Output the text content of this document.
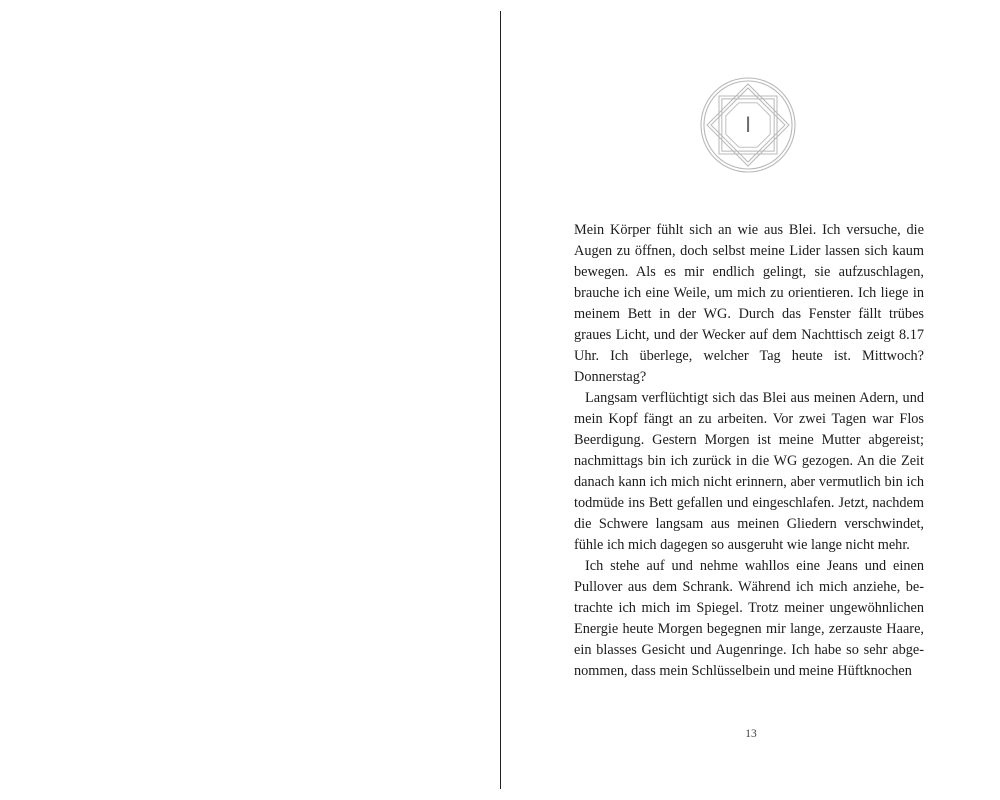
I

Mein Körper fühlt sich an wie aus Blei. Ich versuche, die Augen zu öffnen, doch selbst meine Lider lassen sich kaum bewegen. Als es mir endlich gelingt, sie aufzuschlagen, brauche ich eine Weile, um mich zu orientieren. Ich liege in meinem Bett in der WG. Durch das Fenster fällt trübes graues Licht, und der Wecker auf dem Nachttisch zeigt 8.17 Uhr. Ich überlege, welcher Tag heute ist. Mittwoch? Donnerstag?

Langsam verflüchtigt sich das Blei aus meinen Adern, und mein Kopf fängt an zu arbeiten. Vor zwei Tagen war Flos Beerdigung. Gestern Morgen ist meine Mutter abgereist; nachmittags bin ich zurück in die WG gezogen. An die Zeit danach kann ich mich nicht erinnern, aber vermutlich bin ich todmüde ins Bett gefallen und eingeschlafen. Jetzt, nachdem die Schwere langsam aus meinen Gliedern verschwindet, fühle ich mich dagegen so ausgeruht wie lange nicht mehr.

Ich stehe auf und nehme wahllos eine Jeans und einen Pullover aus dem Schrank. Während ich mich anziehe, betrachte ich mich im Spiegel. Trotz meiner ungewöhnlichen Energie heute Morgen begegnen mir lange, zerzauste Haare, ein blasses Gesicht und Augenringe. Ich habe so sehr abgenommen, dass mein Schlüsselbein und meine Hüftknochen

13
